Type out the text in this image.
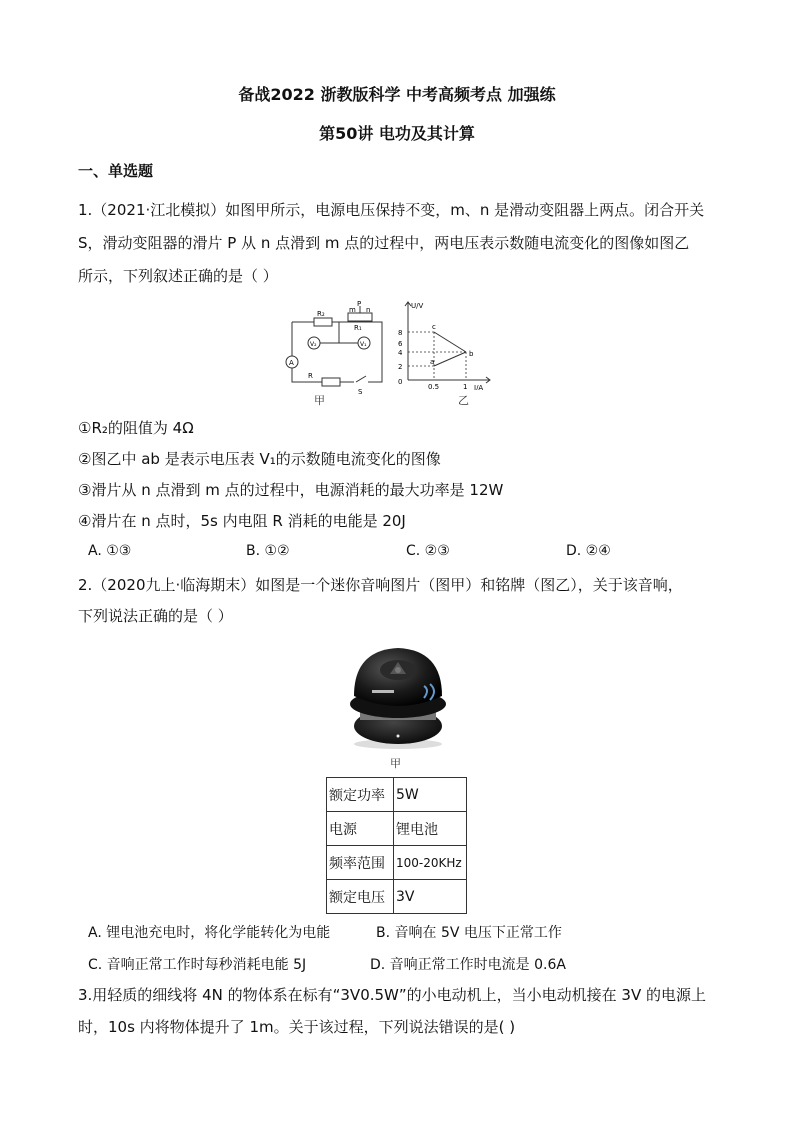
备战2022 浙教版科学 中考高频考点 加强练
第50讲 电功及其计算
一、单选题
1.（2021·江北模拟）如图甲所示，电源电压保持不变，m、n 是滑动变阻器上两点。闭合开关
S，滑动变阻器的滑片 P 从 n 点滑到 m 点的过程中，两电压表示数随电流变化的图像如图乙
所示，下列叙述正确的是（ ）
P
m n
R₂
R₁
V₂	V₁
A
R
S
甲
U/V
I/A
c
a
b
8
6
4
2
0
0.5	1
乙
①R₂的阻值为 4Ω
②图乙中 ab 是表示电压表 V₁的示数随电流变化的图像
③滑片从 n 点滑到 m 点的过程中，电源消耗的最大功率是 12W
④滑片在 n 点时，5s 内电阻 R 消耗的电能是 20J
A. ①③	B. ①②	C. ②③	D. ②④
2.（2020九上·临海期末）如图是一个迷你音响图片（图甲）和铭牌（图乙），关于该音响，
下列说法正确的是（ ）
甲
额定功率	5W
电源	锂电池
频率范围	100-20KHz
额定电压	3V
A. 锂电池充电时，将化学能转化为电能	B. 音响在 5V 电压下正常工作
C. 音响正常工作时每秒消耗电能 5J	D. 音响正常工作时电流是 0.6A
3.用轻质的细线将 4N 的物体系在标有“3V0.5W”的小电动机上，当小电动机接在 3V 的电源上
时，10s 内将物体提升了 1m。关于该过程，下列说法错误的是( )
